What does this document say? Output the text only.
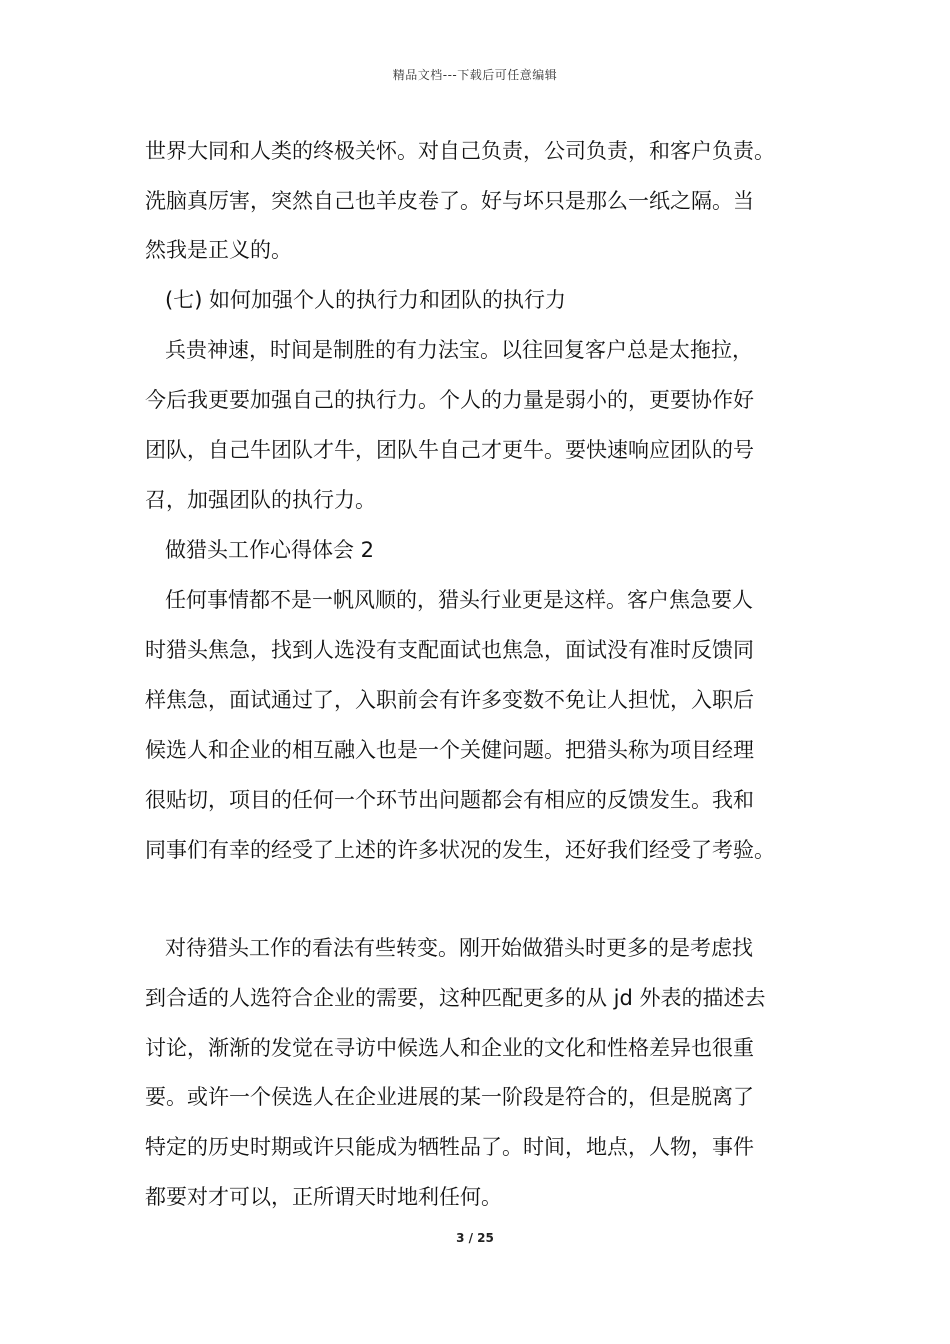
精品文档---下载后可任意编辑
世界大同和人类的终极关怀。对自己负责，公司负责，和客户负责。
洗脑真厉害，突然自己也羊皮卷了。好与坏只是那么一纸之隔。当
然我是正义的。
(七) 如何加强个人的执行力和团队的执行力
兵贵神速，时间是制胜的有力法宝。以往回复客户总是太拖拉，
今后我更要加强自己的执行力。个人的力量是弱小的，更要协作好
团队，自己牛团队才牛，团队牛自己才更牛。要快速响应团队的号
召，加强团队的执行力。
做猎头工作心得体会 2
任何事情都不是一帆风顺的，猎头行业更是这样。客户焦急要人
时猎头焦急，找到人选没有支配面试也焦急，面试没有准时反馈同
样焦急，面试通过了，入职前会有许多变数不免让人担忧，入职后
候选人和企业的相互融入也是一个关健问题。把猎头称为项目经理
很贴切，项目的任何一个环节出问题都会有相应的反馈发生。我和
同事们有幸的经受了上述的许多状况的发生，还好我们经受了考验。
对待猎头工作的看法有些转变。刚开始做猎头时更多的是考虑找
到合适的人选符合企业的需要，这种匹配更多的从 jd 外表的描述去
讨论，渐渐的发觉在寻访中候选人和企业的文化和性格差异也很重
要。或许一个侯选人在企业进展的某一阶段是符合的，但是脱离了
特定的历史时期或许只能成为牺牲品了。时间，地点，人物，事件
都要对才可以，正所谓天时地利任何。
3 / 25
